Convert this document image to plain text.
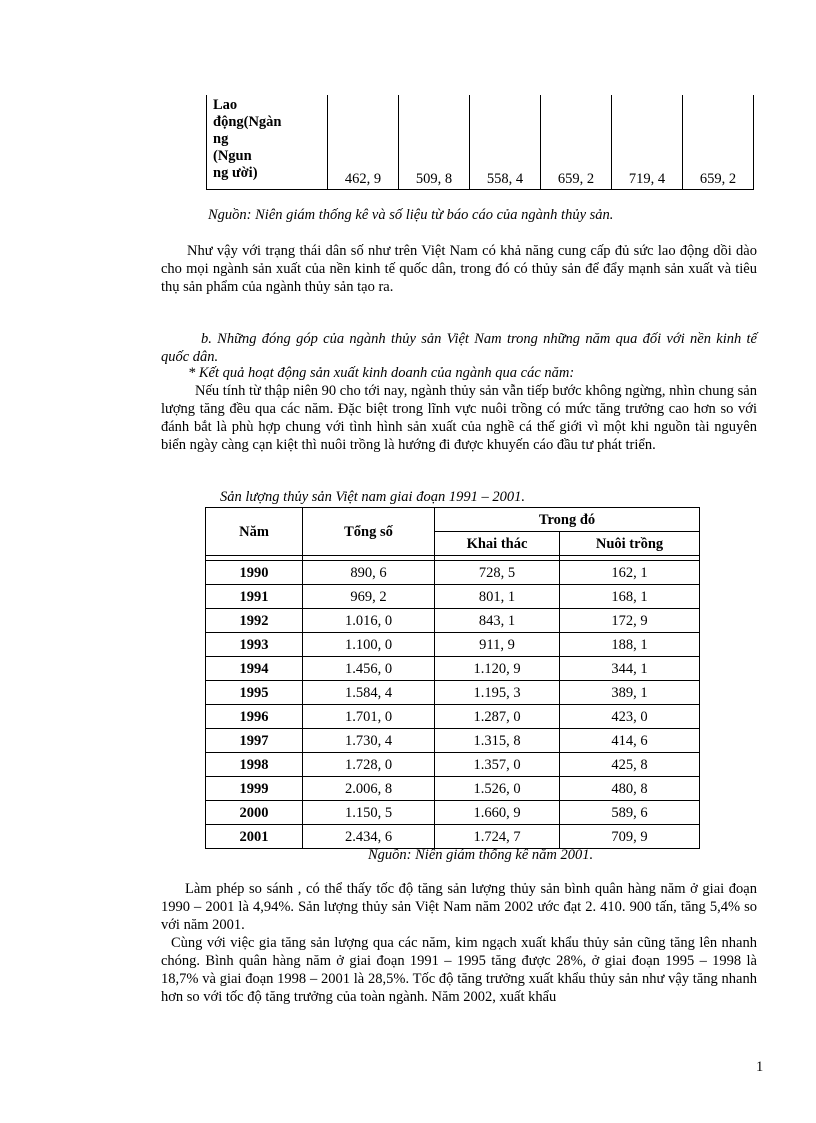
Lao
động(Ngàn
ng
(Ngun
ng ười)	462, 9	509, 8	558, 4	659, 2	719, 4	659, 2
Nguồn: Niên giám thống kê và số liệu từ báo cáo của ngành thủy sản.

Như vậy với trạng thái dân số như trên Việt Nam có khả năng cung cấp đủ sức lao động dồi dào cho mọi ngành sản xuất của nền kinh tế quốc dân, trong đó có thủy sản để đẩy mạnh sản xuất và tiêu thụ sản phẩm của ngành thủy sản tạo ra.

b. Những đóng góp của ngành thủy sản Việt Nam trong những năm qua đối với nền kinh tế quốc dân.

* Kết quả hoạt động sản xuất kinh doanh của ngành qua các năm:

Nếu tính từ thập niên 90 cho tới nay, ngành thủy sản vẫn tiếp bước không ngừng, nhìn chung sản lượng tăng đều qua các năm. Đặc biệt trong lĩnh vực nuôi trồng có mức tăng trưởng cao hơn so với đánh bắt là phù hợp chung với tình hình sản xuất của nghề cá thế giới vì một khi nguồn tài nguyên biển ngày càng cạn kiệt thì nuôi trồng là hướng đi được khuyến cáo đầu tư phát triển.

Sản lượng thủy sản Việt nam giai đoạn 1991 – 2001.
Năm	Tổng số	Trong đó	
		Khai thác	Nuôi trồng

1990	890, 6	728, 5	162, 1
1991	969, 2	801, 1	168, 1
1992	1.016, 0	843, 1	172, 9
1993	1.100, 0	911, 9	188, 1
1994	1.456, 0	1.120, 9	344, 1
1995	1.584, 4	1.195, 3	389, 1
1996	1.701, 0	1.287, 0	423, 0
1997	1.730, 4	1.315, 8	414, 6
1998	1.728, 0	1.357, 0	425, 8
1999	2.006, 8	1.526, 0	480, 8
2000	1.150, 5	1.660, 9	589, 6
2001	2.434, 6	1.724, 7	709, 9
Nguồn: Niên giám thống kê năm 2001.

Làm phép so sánh , có thể thấy tốc độ tăng sản lượng thủy sản bình quân hàng năm ở giai đoạn 1990 – 2001 là 4,94%. Sản lượng thủy sản Việt Nam năm 2002 ước đạt 2. 410. 900 tấn, tăng 5,4% so với năm 2001.

Cùng với việc gia tăng sản lượng qua các năm, kim ngạch xuất khẩu thủy sản cũng tăng lên nhanh chóng. Bình quân hàng năm ở giai đoạn 1991 – 1995 tăng được 28%, ở giai đoạn 1995 – 1998 là 18,7% và giai đoạn 1998 – 2001 là 28,5%. Tốc độ tăng trưởng xuất khẩu thủy sản như vậy tăng nhanh hơn so với tốc độ tăng trưởng của toàn ngành. Năm 2002, xuất khẩu

1
